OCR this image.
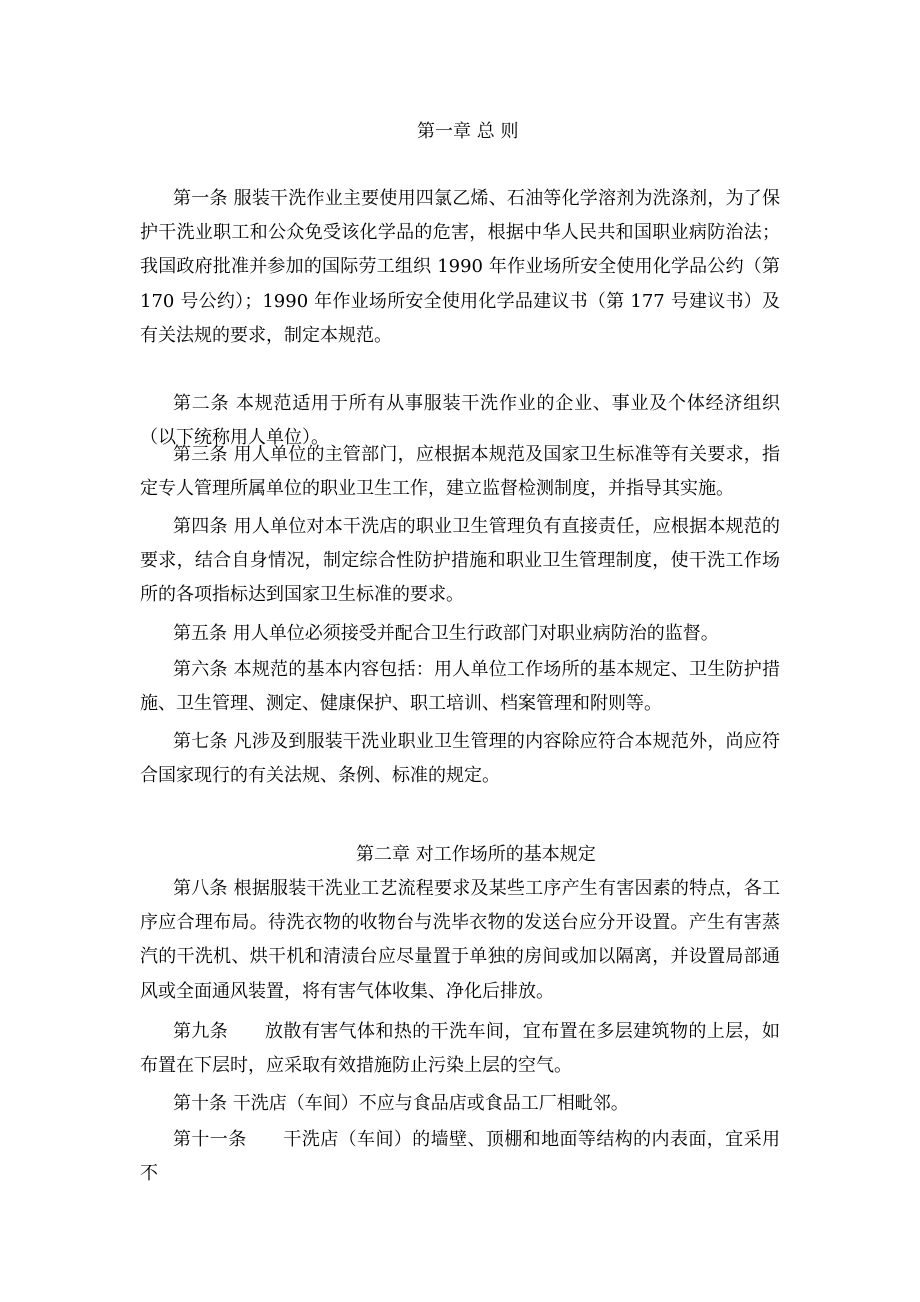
第一章 总 则

第一条 服装干洗作业主要使用四氯乙烯、石油等化学溶剂为洗涤剂，为了保护干洗业职工和公众免受该化学品的危害，根据中华人民共和国职业病防治法；我国政府批准并参加的国际劳工组织 1990 年作业场所安全使用化学品公约（第 170 号公约）；1990 年作业场所安全使用化学品建议书（第 177 号建议书）及有关法规的要求，制定本规范。

第二条 本规范适用于所有从事服装干洗作业的企业、事业及个体经济组织（以下统称用人单位）。

第三条 用人单位的主管部门，应根据本规范及国家卫生标准等有关要求，指定专人管理所属单位的职业卫生工作，建立监督检测制度，并指导其实施。

第四条 用人单位对本干洗店的职业卫生管理负有直接责任，应根据本规范的要求，结合自身情况，制定综合性防护措施和职业卫生管理制度，使干洗工作场所的各项指标达到国家卫生标准的要求。

第五条 用人单位必须接受并配合卫生行政部门对职业病防治的监督。

第六条 本规范的基本内容包括：用人单位工作场所的基本规定、卫生防护措施、卫生管理、测定、健康保护、职工培训、档案管理和附则等。

第七条 凡涉及到服装干洗业职业卫生管理的内容除应符合本规范外，尚应符合国家现行的有关法规、条例、标准的规定。

第二章 对工作场所的基本规定

第八条 根据服装干洗业工艺流程要求及某些工序产生有害因素的特点，各工序应合理布局。待洗衣物的收物台与洗毕衣物的发送台应分开设置。产生有害蒸汽的干洗机、烘干机和清渍台应尽量置于单独的房间或加以隔离，并设置局部通风或全面通风装置，将有害气体收集、净化后排放。

第九条　　放散有害气体和热的干洗车间，宜布置在多层建筑物的上层，如布置在下层时，应采取有效措施防止污染上层的空气。

第十条 干洗店（车间）不应与食品店或食品工厂相毗邻。

第十一条　　干洗店（车间）的墙壁、顶棚和地面等结构的内表面，宜采用不
